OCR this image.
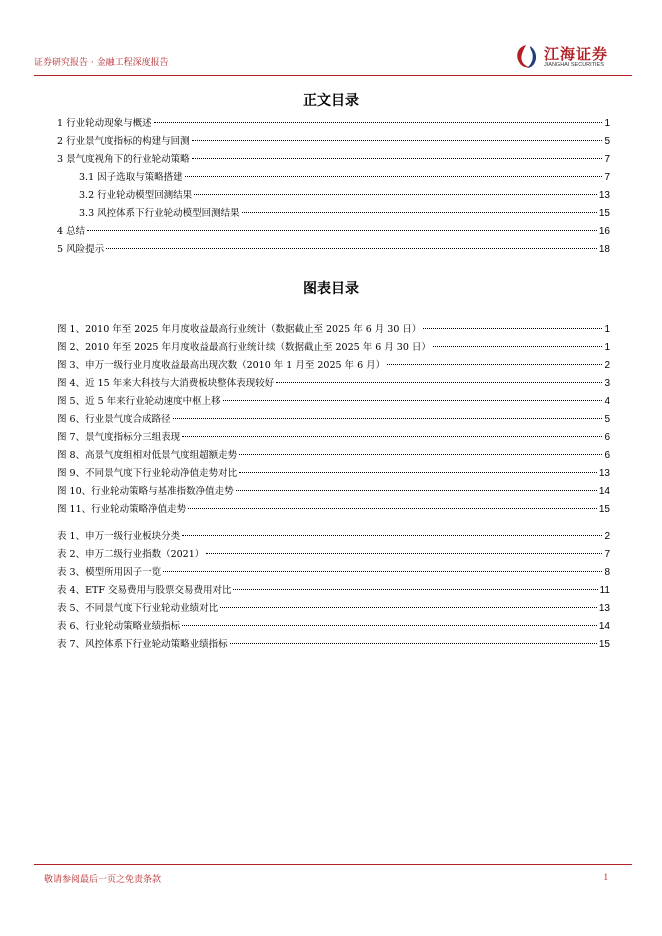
证券研究报告 · 金融工程深度报告	江海证券
JIANGHAI SECURITIES
正文目录
1 行业轮动现象与概述	1
2 行业景气度指标的构建与回测	5
3 景气度视角下的行业轮动策略	7
3.1 因子选取与策略搭建	7
3.2 行业轮动模型回测结果	13
3.3 风控体系下行业轮动模型回测结果	15
4 总结	16
5 风险提示	18
图表目录
图 1、2010 年至 2025 年月度收益最高行业统计（数据截止至 2025 年 6 月 30 日）	1
图 2、2010 年至 2025 年月度收益最高行业统计续（数据截止至 2025 年 6 月 30 日）	1
图 3、申万一级行业月度收益最高出现次数（2010 年 1 月至 2025 年 6 月）	2
图 4、近 15 年来大科技与大消费板块整体表现较好	3
图 5、近 5 年来行业轮动速度中枢上移	4
图 6、行业景气度合成路径	5
图 7、景气度指标分三组表现	6
图 8、高景气度组相对低景气度组超额走势	6
图 9、不同景气度下行业轮动净值走势对比	13
图 10、行业轮动策略与基准指数净值走势	14
图 11、行业轮动策略净值走势	15
表 1、申万一级行业板块分类	2
表 2、申万二级行业指数（2021）	7
表 3、模型所用因子一览	8
表 4、ETF 交易费用与股票交易费用对比	11
表 5、不同景气度下行业轮动业绩对比	13
表 6、行业轮动策略业绩指标	14
表 7、风控体系下行业轮动策略业绩指标	15
敬请参阅最后一页之免责条款	1
